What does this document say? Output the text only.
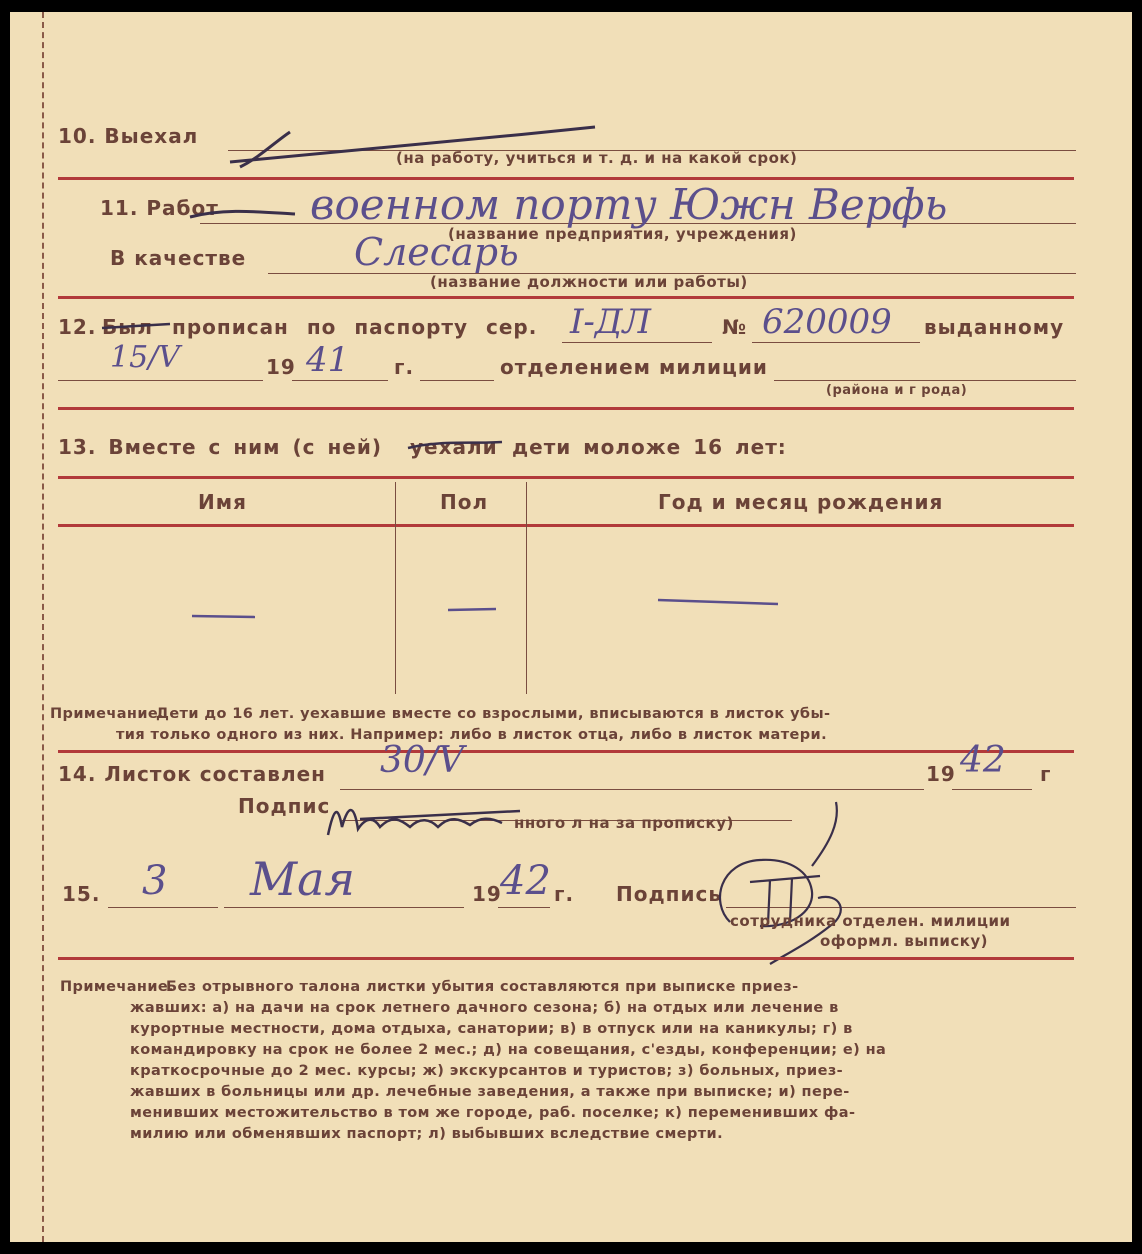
10. Выехал
(на работу, учиться и т. д. и на какой срок)
11. Работ военном порту Южн Верфь
(название предприятия, учреждения)
В качестве	Слесарь
(название должности или работы)
12. Был прописан по паспорту сер. I-ДЛ	№ 620009 выданному
15/V	19 41 г.	отделением милиции
(района и г рода)
13. Вместе с ним (с ней) уехали дети моложе 16 лет:
Имя	Пол	Год и месяц рождения
Примечание.
Дети до 16 лет. уехавшие вместе со взрослыми, вписываются в листок убы-
тия только одного из них. Например: либо в листок отца, либо в листок матери.
14. Листок составлен 30/V	19 42 г
Подпис
нного л на за прописку)
15. 3 Мая	19
42 г. Подпись
сотрудника отделен. милиции
оформл. выписку)
Примечание.
Без отрывного талона листки убытия составляются при выписке приез-
жавших: а) на дачи на срок летнего дачного сезона; б) на отдых или лечение в
курортные местности, дома отдыха, санатории; в) в отпуск или на каникулы; г) в
командировку на срок не более 2 мес.; д) на совещания, с'езды, конференции; е) на
краткосрочные до 2 мес. курсы; ж) экскурсантов и туристов; з) больных, приез-
жавших в больницы или др. лечебные заведения, а также при выписке; и) пере-
менивших местожительство в том же городе, раб. поселке; к) переменивших фа-
милию или обменявших паспорт; л) выбывших вследствие смерти.
